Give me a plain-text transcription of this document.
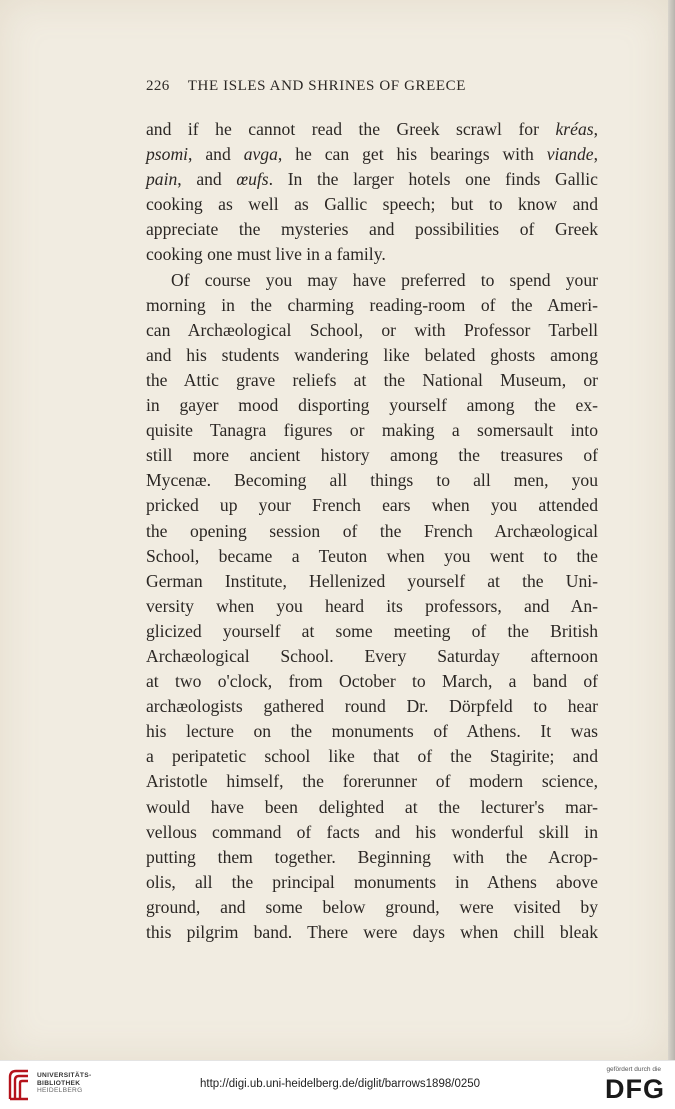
226 THE ISLES AND SHRINES OF GREECE
and if he cannot read the Greek scrawl for kréas,
psomi, and avga, he can get his bearings with viande,
pain, and œufs. In the larger hotels one finds Gallic
cooking as well as Gallic speech; but to know and
appreciate the mysteries and possibilities of Greek
cooking one must live in a family.
Of course you may have preferred to spend your
morning in the charming reading-room of the Ameri-
can Archæological School, or with Professor Tarbell
and his students wandering like belated ghosts among
the Attic grave reliefs at the National Museum, or
in gayer mood disporting yourself among the ex-
quisite Tanagra figures or making a somersault into
still more ancient history among the treasures of
Mycenæ. Becoming all things to all men, you
pricked up your French ears when you attended
the opening session of the French Archæological
School, became a Teuton when you went to the
German Institute, Hellenized yourself at the Uni-
versity when you heard its professors, and An-
glicized yourself at some meeting of the British
Archæological School. Every Saturday afternoon
at two o'clock, from October to March, a band of
archæologists gathered round Dr. Dörpfeld to hear
his lecture on the monuments of Athens. It was
a peripatetic school like that of the Stagirite; and
Aristotle himself, the forerunner of modern science,
would have been delighted at the lecturer's mar-
vellous command of facts and his wonderful skill in
putting them together. Beginning with the Acrop-
olis, all the principal monuments in Athens above
ground, and some below ground, were visited by
this pilgrim band. There were days when chill bleak
UNIVERSITÄTS-
BIBLIOTHEK
HEIDELBERG
http://digi.ub.uni-heidelberg.de/diglit/barrows1898/0250
gefördert durch die
DFG
